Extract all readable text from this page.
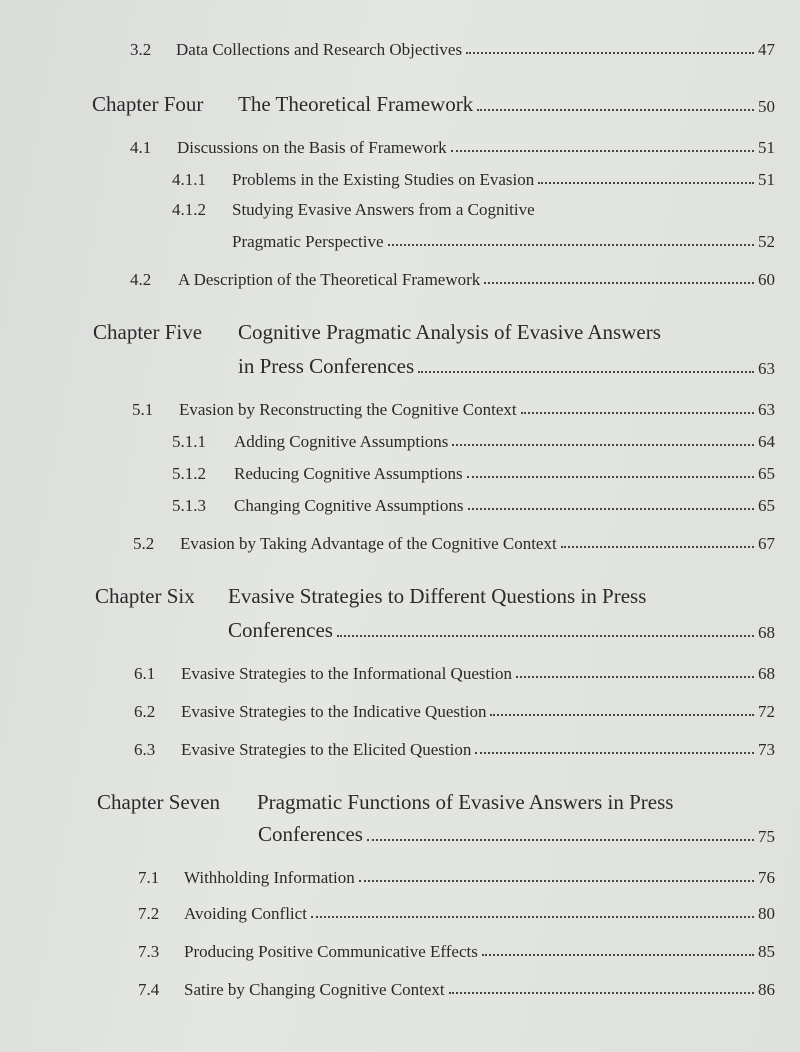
3.2	Data Collections and Research Objectives	47
Chapter Four	The Theoretical Framework	50
4.1	Discussions on the Basis of Framework	51
4.1.1	Problems in the Existing Studies on Evasion	51
4.1.2	Studying Evasive Answers from a Cognitive
Pragmatic Perspective	52
4.2	A Description of the Theoretical Framework	60
Chapter Five	Cognitive Pragmatic Analysis of Evasive Answers
in Press Conferences	63
5.1	Evasion by Reconstructing the Cognitive Context	63
5.1.1	Adding Cognitive Assumptions	64
5.1.2	Reducing Cognitive Assumptions	65
5.1.3	Changing Cognitive Assumptions	65
5.2	Evasion by Taking Advantage of the Cognitive Context	67
Chapter Six	Evasive Strategies to Different Questions in Press
Conferences	68
6.1	Evasive Strategies to the Informational Question	68
6.2	Evasive Strategies to the Indicative Question	72
6.3	Evasive Strategies to the Elicited Question	73
Chapter Seven	Pragmatic Functions of Evasive Answers in Press
Conferences	75
7.1	Withholding Information	76
7.2	Avoiding Conflict	80
7.3	Producing Positive Communicative Effects	85
7.4	Satire by Changing Cognitive Context	86
